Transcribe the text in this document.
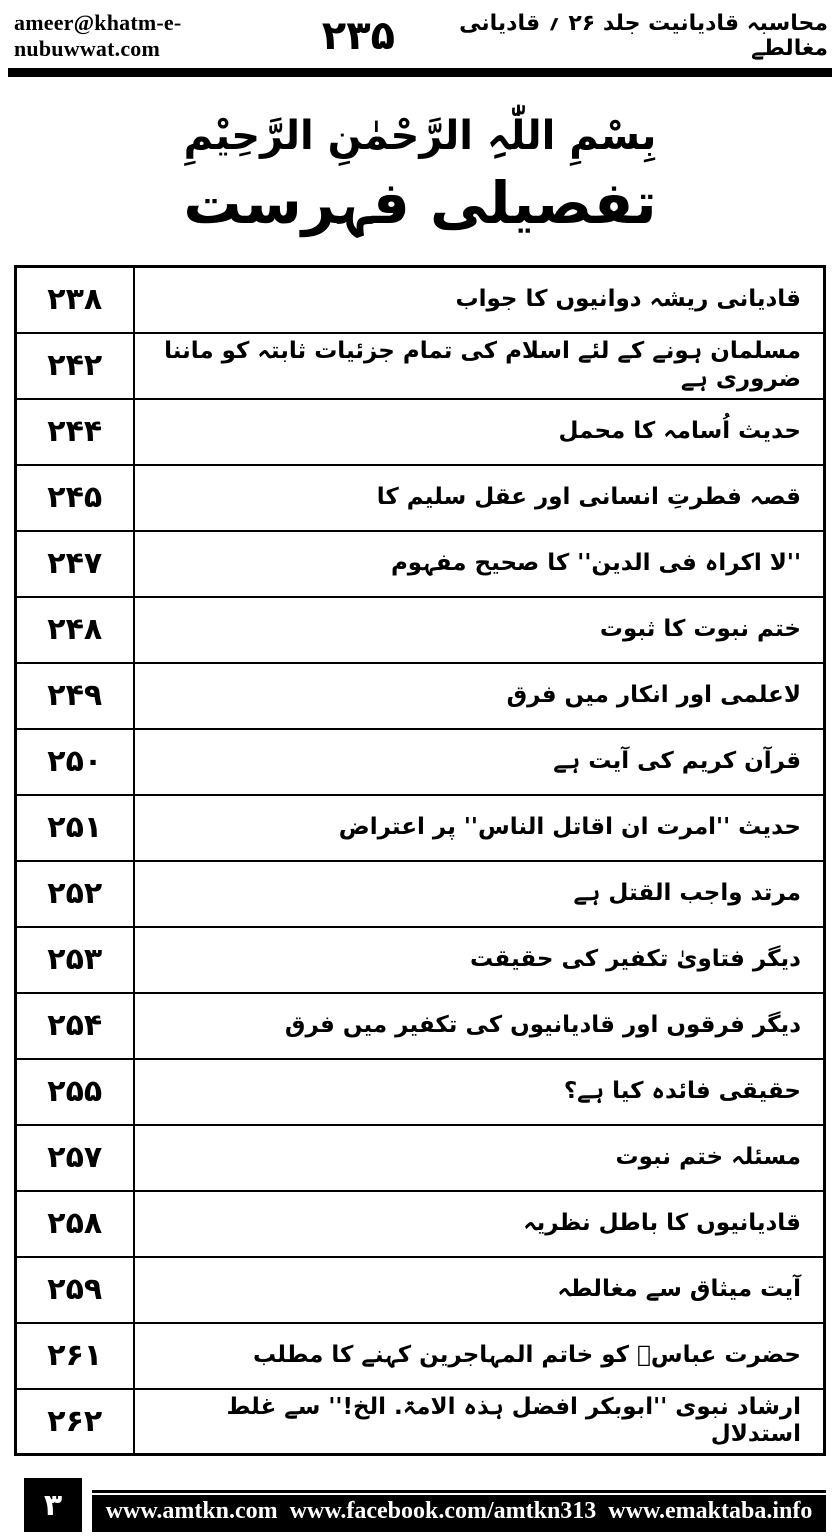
ameer@khatm-e-nubuwwat.com	۲۳۵	محاسبہ قادیانیت جلد ۲۶ ؍ قادیانی مغالطے
بِسْمِ اللّٰہِ الرَّحْمٰنِ الرَّحِیْمِ
تفصیلی فہرست
۲۳۸	قادیانی ریشہ دوانیوں کا جواب
۲۴۲	مسلمان ہونے کے لئے اسلام کی تمام جزئیات ثابتہ کو ماننا ضروری ہے
۲۴۴	حدیث اُسامہ کا محمل
۲۴۵	قصہ فطرتِ انسانی اور عقل سلیم کا
۲۴۷	''لا اکراہ فی الدین'' کا صحیح مفہوم
۲۴۸	ختم نبوت کا ثبوت
۲۴۹	لاعلمی اور انکار میں فرق
۲۵۰	قرآن کریم کی آیت ہے
۲۵۱	حدیث ''امرت ان اقاتل الناس'' پر اعتراض
۲۵۲	مرتد واجب القتل ہے
۲۵۳	دیگر فتاویٰ تکفیر کی حقیقت
۲۵۴	دیگر فرقوں اور قادیانیوں کی تکفیر میں فرق
۲۵۵	حقیقی فائدہ کیا ہے؟
۲۵۷	مسئلہ ختم نبوت
۲۵۸	قادیانیوں کا باطل نظریہ
۲۵۹	آیت میثاق سے مغالطہ
۲۶۱	حضرت عباسؓ کو خاتم المہاجرین کہنے کا مطلب
۲۶۲	ارشاد نبوی ''ابوبکر افضل ہذہ الامۃ. الخ!'' سے غلط استدلال
۳	www.amtkn.com  www.facebook.com/amtkn313  www.emaktaba.info
